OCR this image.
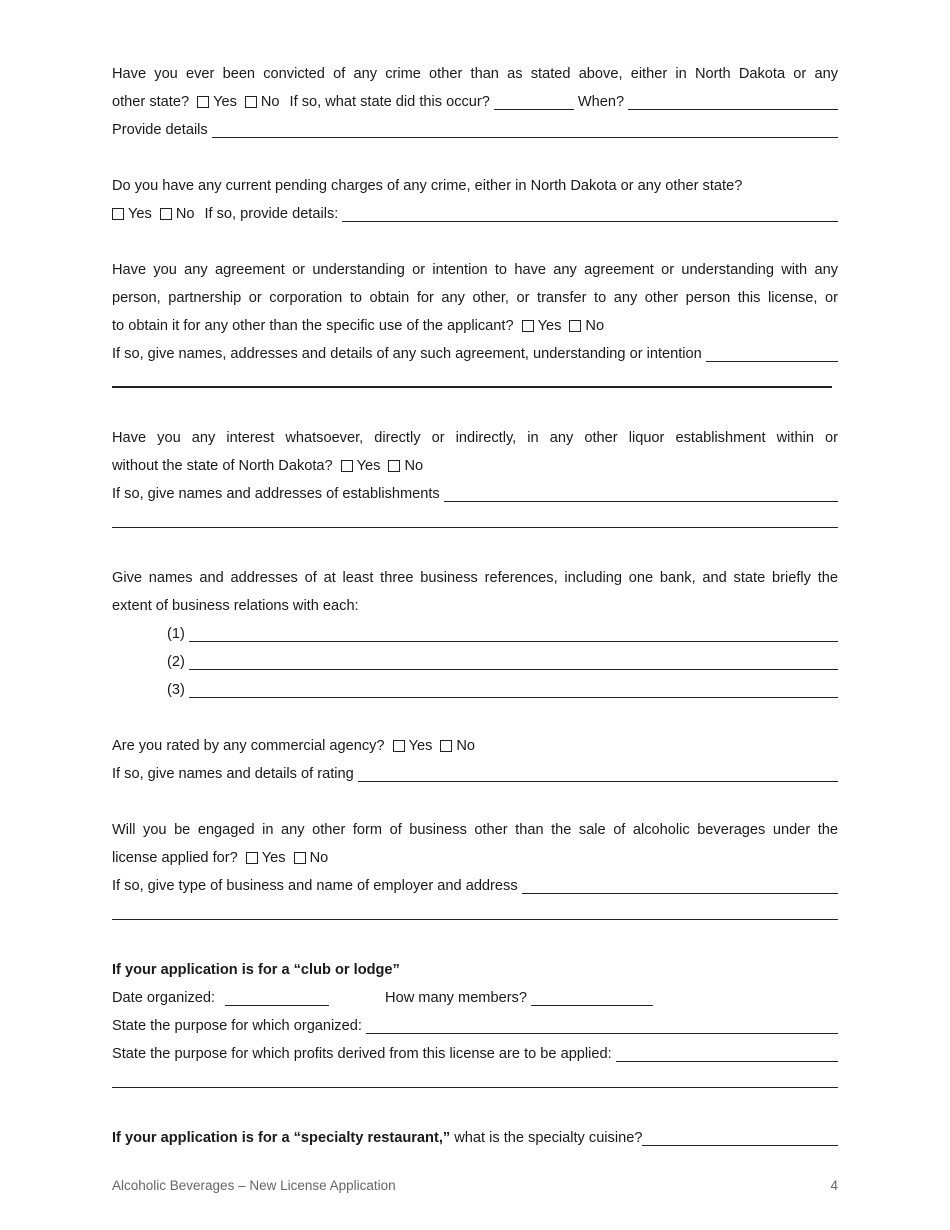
Have you ever been convicted of any crime other than as stated above, either in North Dakota or any
other state? Yes No If so, what state did this occur?	When?
Provide details
Do you have any current pending charges of any crime, either in North Dakota or any other state?
Yes No If so, provide details:
Have you any agreement or understanding or intention to have any agreement or understanding with any
person, partnership or corporation to obtain for any other, or transfer to any other person this license, or
to obtain it for any other than the specific use of the applicant? Yes No
If so, give names, addresses and details of any such agreement, understanding or intention
Have you any interest whatsoever, directly or indirectly, in any other liquor establishment within or
without the state of North Dakota? Yes No
If so, give names and addresses of establishments
Give names and addresses of at least three business references, including one bank, and state briefly the
extent of business relations with each:
(1)
(2)
(3)
Are you rated by any commercial agency? Yes No
If so, give names and details of rating
Will you be engaged in any other form of business other than the sale of alcoholic beverages under the
license applied for? Yes No
If so, give type of business and name of employer and address
If your application is for a “club or lodge”
Date organized:	How many members?
State the purpose for which organized:
State the purpose for which profits derived from this license are to be applied:
If your application is for a “specialty restaurant,” what is the specialty cuisine?
Alcoholic Beverages – New License Application	4
